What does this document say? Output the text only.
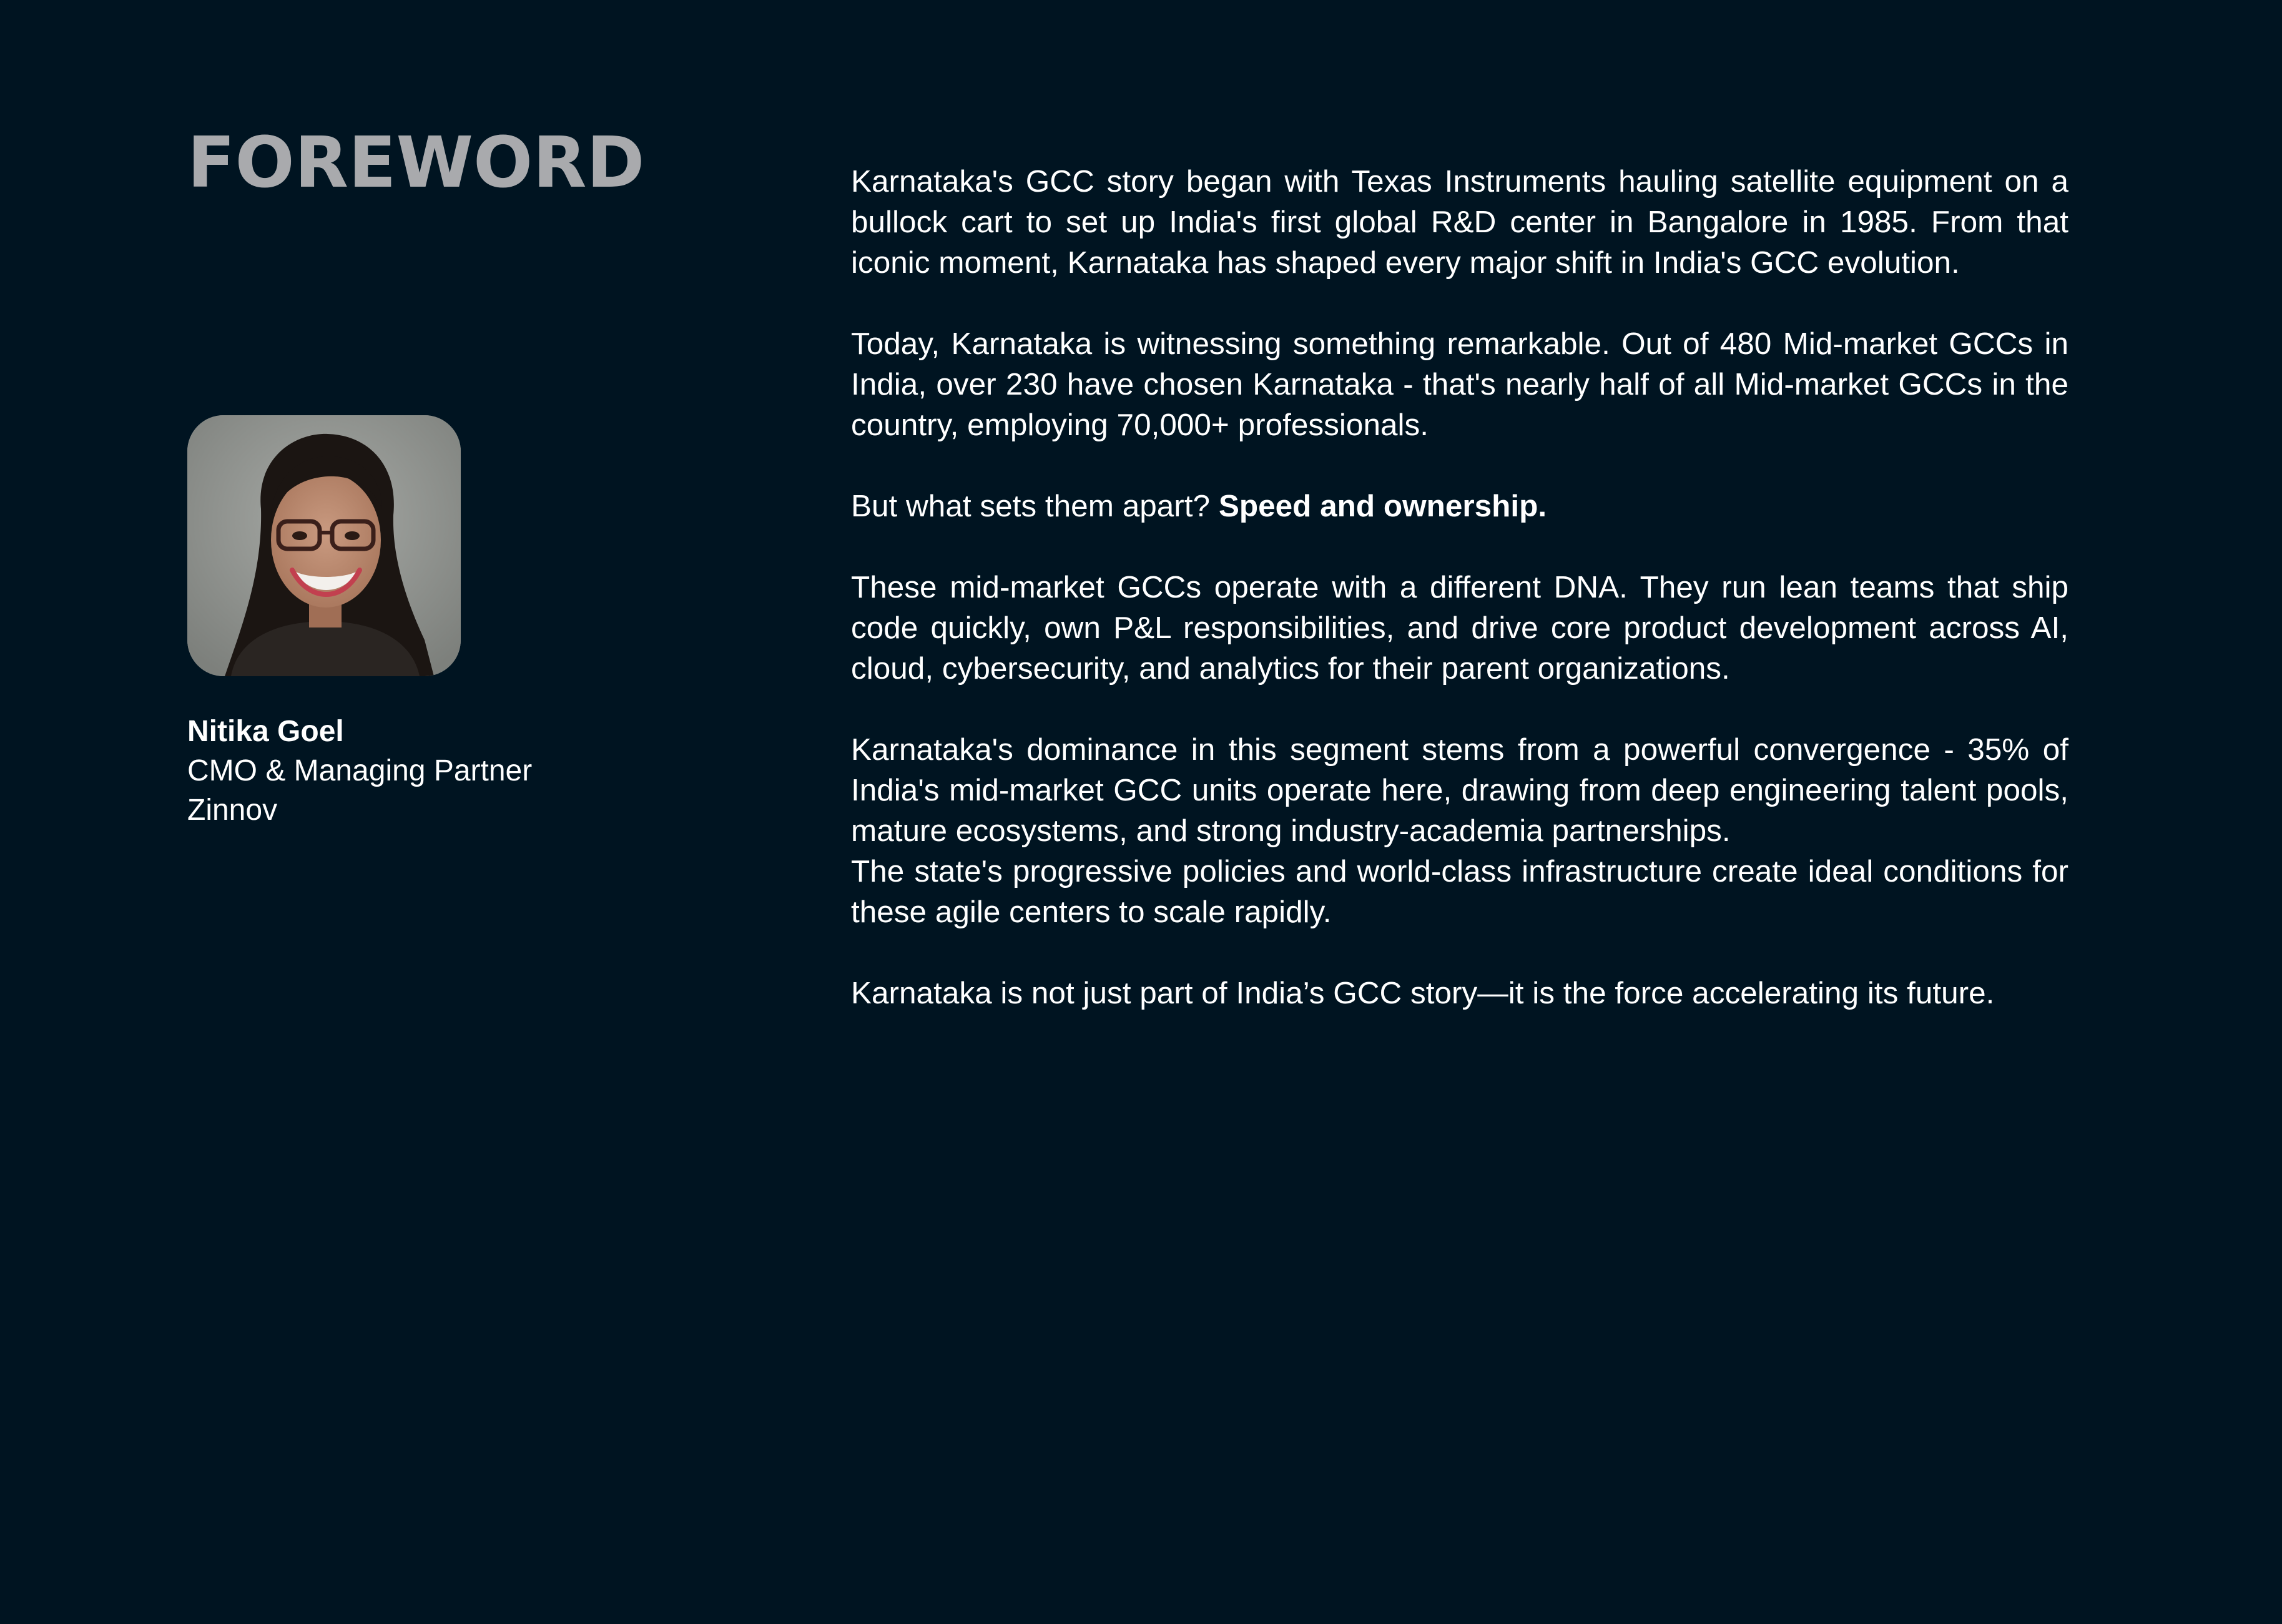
FOREWORD
Nitika Goel
CMO & Managing Partner
Zinnov

Karnataka's GCC story began with Texas Instruments hauling satellite equipment on a bullock cart to set up India's first global R&D center in Bangalore in 1985. From that iconic moment, Karnataka has shaped every major shift in India's GCC evolution.

Today, Karnataka is witnessing something remarkable. Out of 480 Mid-market GCCs in India, over 230 have chosen Karnataka - that's nearly half of all Mid-market GCCs in the country, employing 70,000+ professionals.

But what sets them apart? Speed and ownership.

These mid-market GCCs operate with a different DNA. They run lean teams that ship code quickly, own P&L responsibilities, and drive core product development across AI, cloud, cybersecurity, and analytics for their parent organizations.

Karnataka's dominance in this segment stems from a powerful convergence - 35% of India's mid-market GCC units operate here, drawing from deep engineering talent pools, mature ecosystems, and strong industry-academia partnerships.

The state's progressive policies and world-class infrastructure create ideal conditions for these agile centers to scale rapidly.

Karnataka is not just part of India’s GCC story—it is the force accelerating its future.
